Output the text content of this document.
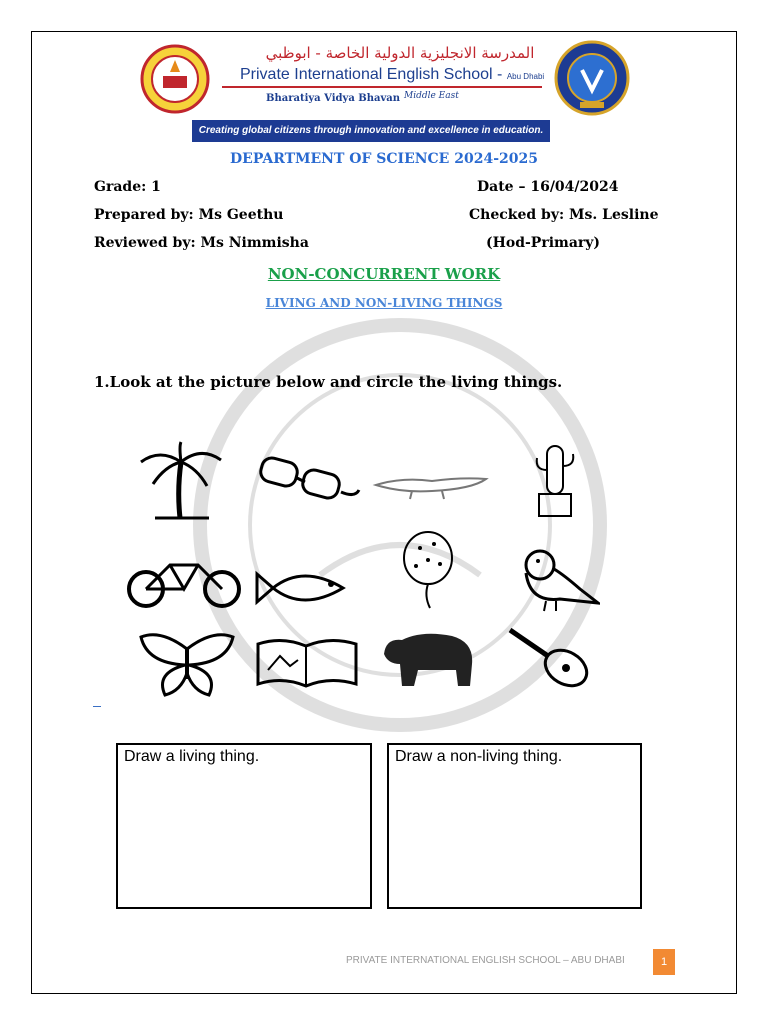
المدرسة الانجليزية الدولية الخاصة - ابوظبي
Private International English School - Abu Dhabi
Bharatiya Vidya Bhavan Middle East
Creating global citizens through innovation and excellence in education.
DEPARTMENT OF SCIENCE 2024-2025
Grade: 1	Date – 16/04/2024
Prepared by: Ms Geethu	Checked by: Ms. Lesline
Reviewed by: Ms Nimmisha	(Hod-Primary)
NON-CONCURRENT WORK
LIVING AND NON-LIVING THINGS
1.Look at the picture below and circle the living things.
Draw a living thing.	Draw a non-living thing.
PRIVATE INTERNATIONAL ENGLISH SCHOOL – ABU DHABI	1
